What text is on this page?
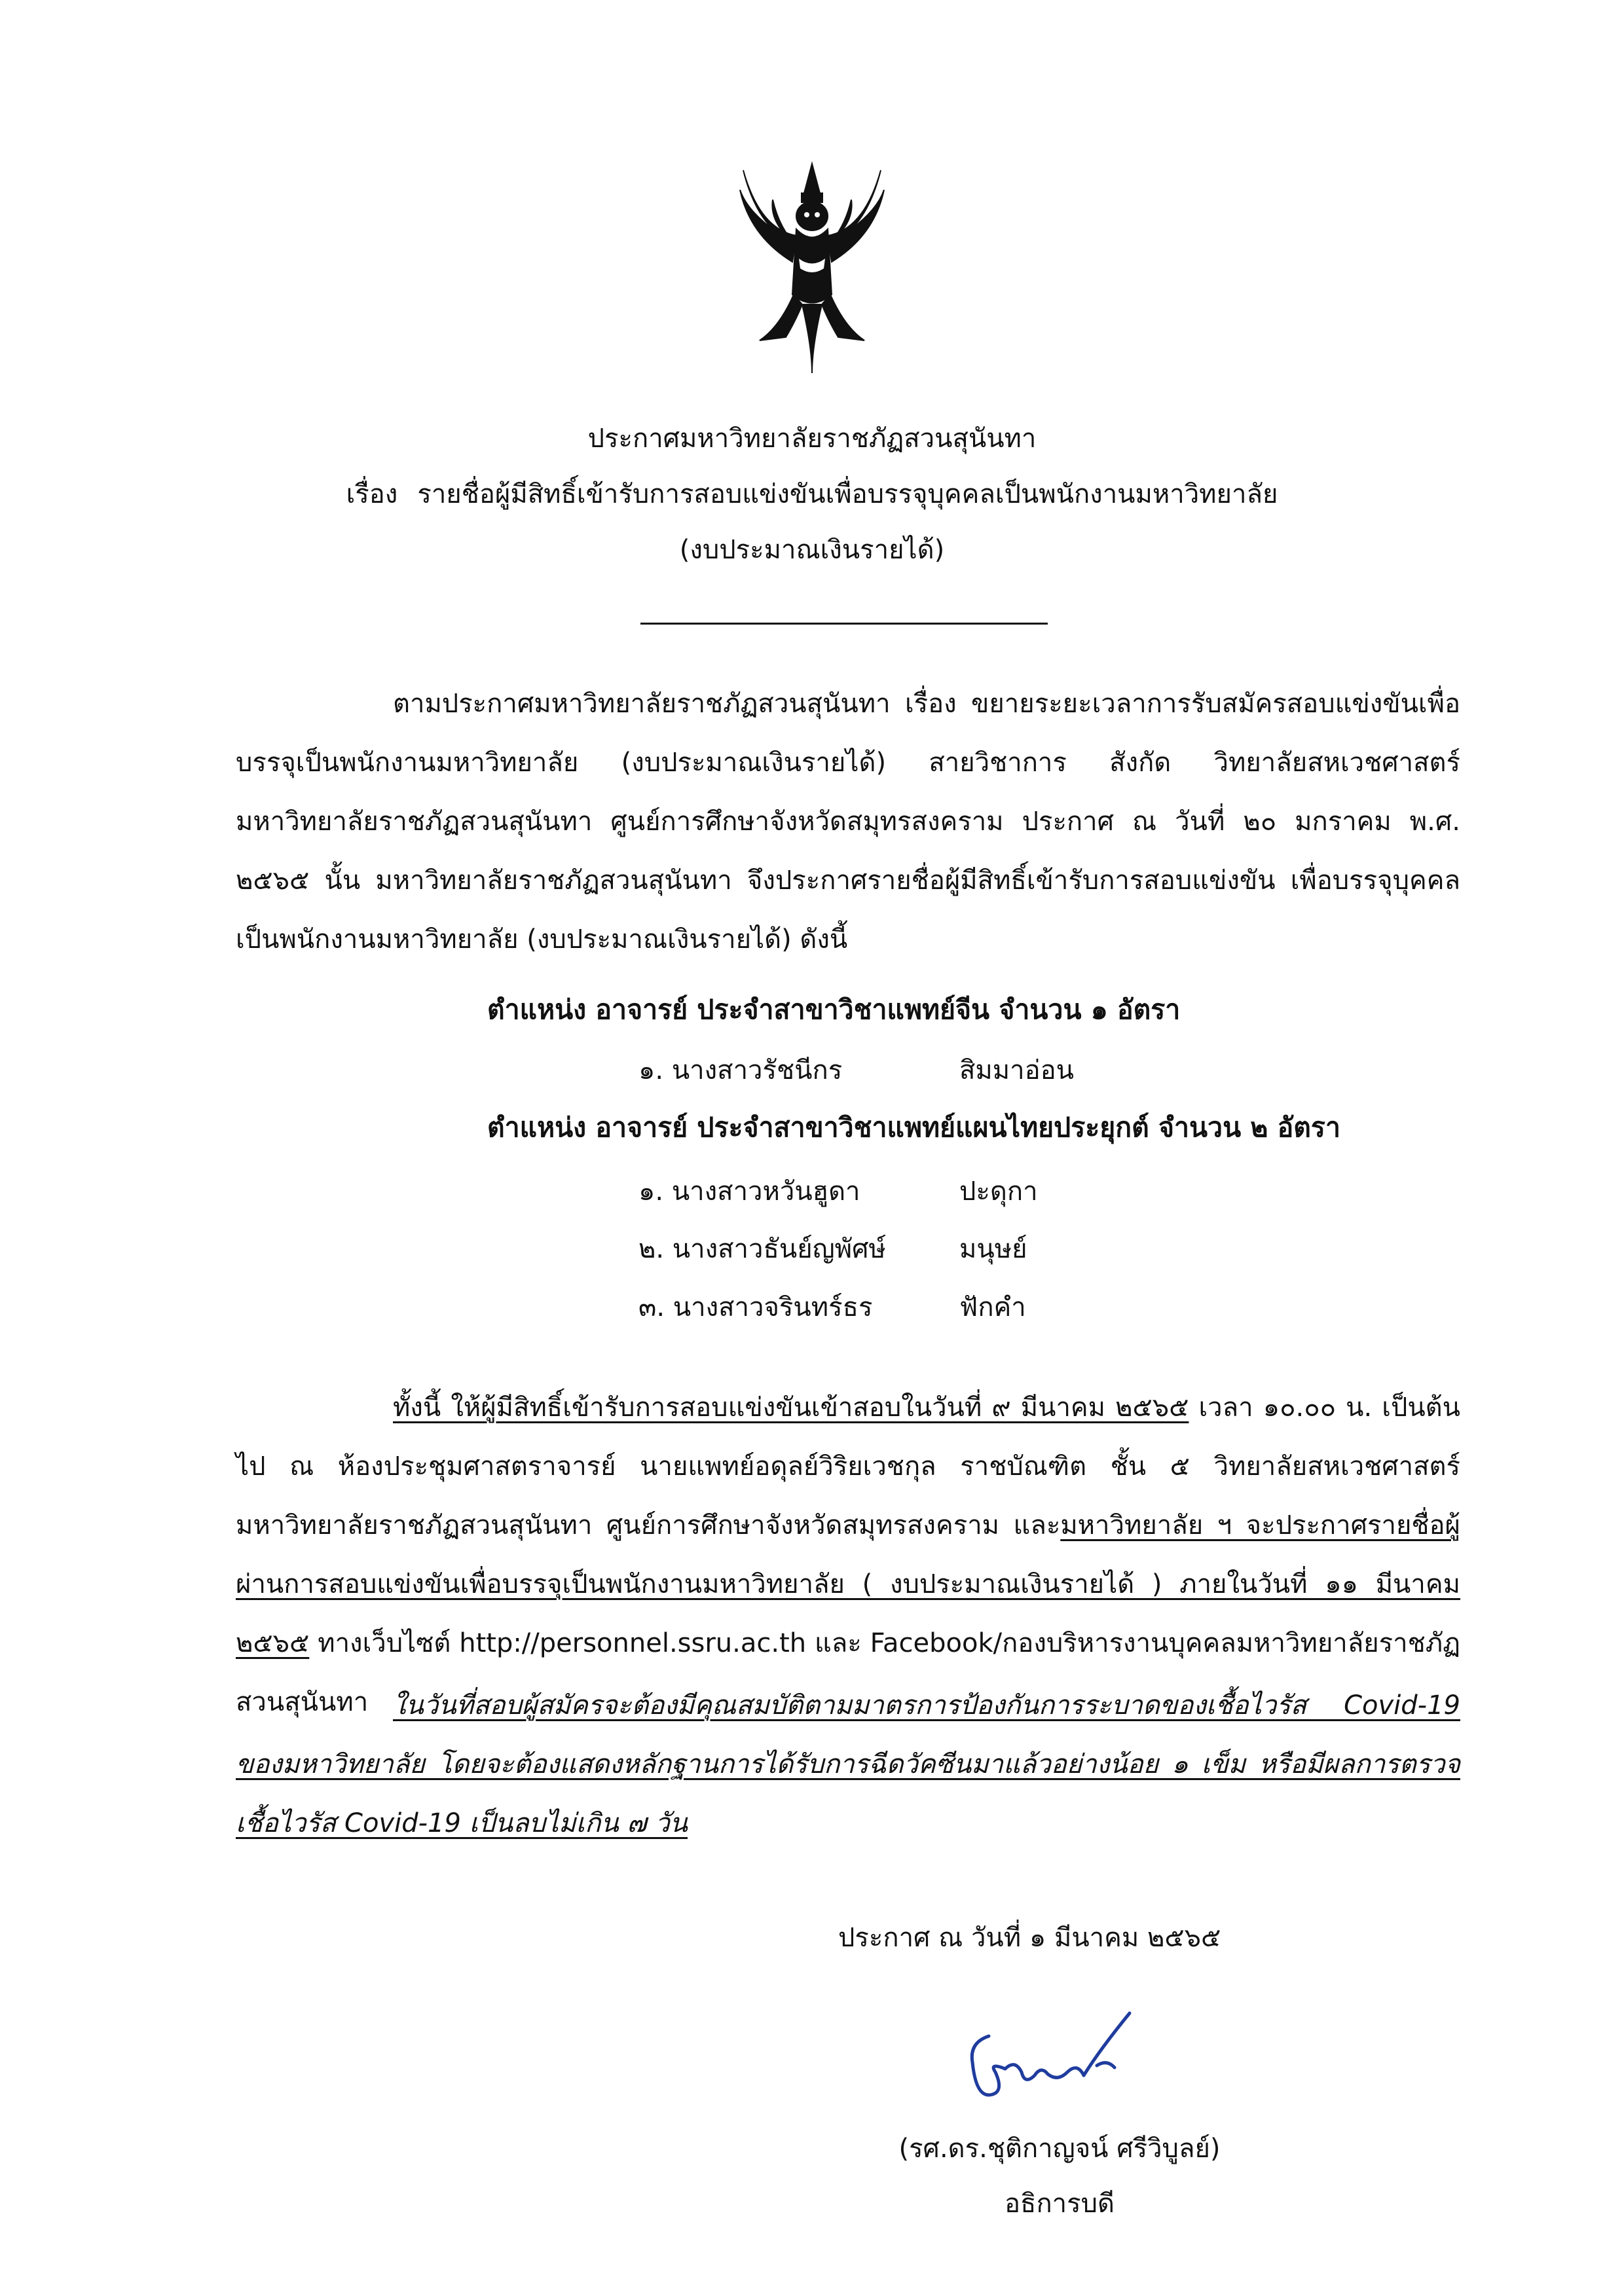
ประกาศมหาวิทยาลัยราชภัฏสวนสุนันทา
เรื่อง รายชื่อผู้มีสิทธิ์เข้ารับการสอบแข่งขันเพื่อบรรจุบุคคลเป็นพนักงานมหาวิทยาลัย
(งบประมาณเงินรายได้)
ตามประกาศมหาวิทยาลัยราชภัฏสวนสุนันทา เรื่อง ขยายระยะเวลาการรับสมัครสอบแข่งขันเพื่อบรรจุเป็นพนักงานมหาวิทยาลัย (งบประมาณเงินรายได้) สายวิชาการ สังกัด วิทยาลัยสหเวชศาสตร์ มหาวิทยาลัยราชภัฏสวนสุนันทา ศูนย์การศึกษาจังหวัดสมุทรสงคราม ประกาศ ณ วันที่ ๒๐ มกราคม พ.ศ. ๒๕๖๕ นั้น มหาวิทยาลัยราชภัฏสวนสุนันทา จึงประกาศรายชื่อผู้มีสิทธิ์เข้ารับการสอบแข่งขัน เพื่อบรรจุบุคคลเป็นพนักงานมหาวิทยาลัย (งบประมาณเงินรายได้) ดังนี้
ตำแหน่ง อาจารย์ ประจำสาขาวิชาแพทย์จีน จำนวน ๑ อัตรา
๑. นางสาวรัชนีกร	สิมมาอ่อน
ตำแหน่ง อาจารย์ ประจำสาขาวิชาแพทย์แผนไทยประยุกต์ จำนวน ๒ อัตรา
๑. นางสาวหวันฮูดา	ปะดุกา
๒. นางสาวธันย์ญพัศษ์	มนุษย์
๓. นางสาวจรินทร์ธร	ฟักคำ
ทั้งนี้ ให้ผู้มีสิทธิ์เข้ารับการสอบแข่งขันเข้าสอบในวันที่ ๙ มีนาคม ๒๕๖๕ เวลา ๑๐.๐๐ น. เป็นต้นไป ณ ห้องประชุมศาสตราจารย์ นายแพทย์อดุลย์วิริยเวชกุล ราชบัณฑิต ชั้น ๕ วิทยาลัยสหเวชศาสตร์ มหาวิทยาลัยราชภัฏสวนสุนันทา ศูนย์การศึกษาจังหวัดสมุทรสงคราม และมหาวิทยาลัย ฯ จะประกาศรายชื่อผู้ผ่านการสอบแข่งขันเพื่อบรรจุเป็นพนักงานมหาวิทยาลัย ( งบประมาณเงินรายได้ ) ภายในวันที่ ๑๑ มีนาคม ๒๕๖๕ ทางเว็บไซต์ http://personnel.ssru.ac.th และ Facebook/กองบริหารงานบุคคลมหาวิทยาลัยราชภัฏสวนสุนันทา ในวันที่สอบผู้สมัครจะต้องมีคุณสมบัติตามมาตรการป้องกันการระบาดของเชื้อไวรัส Covid-19 ของมหาวิทยาลัย โดยจะต้องแสดงหลักฐานการได้รับการฉีดวัคซีนมาแล้วอย่างน้อย ๑ เข็ม หรือมีผลการตรวจเชื้อไวรัส Covid-19 เป็นลบไม่เกิน ๗ วัน
ประกาศ ณ วันที่ ๑ มีนาคม ๒๕๖๕
(รศ.ดร.ชุติกาญจน์ ศรีวิบูลย์)
อธิการบดี
